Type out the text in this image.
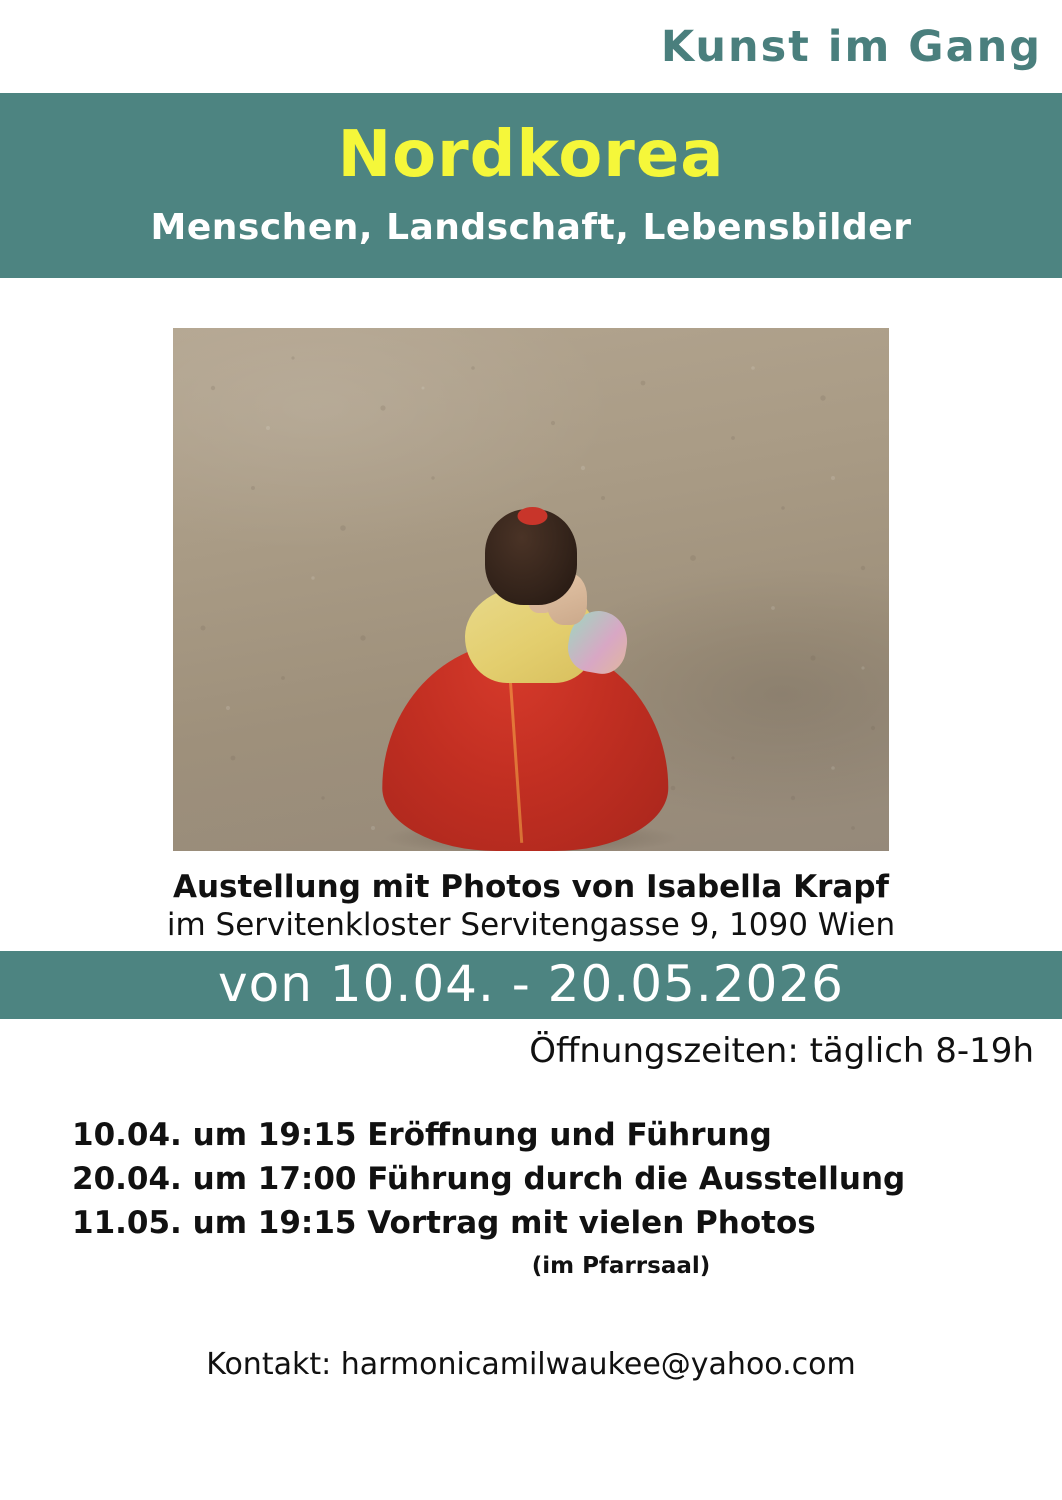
Kunst im Gang
Nordkorea
Menschen, Landschaft, Lebensbilder
Austellung mit Photos von Isabella Krapf
im Servitenkloster Servitengasse 9, 1090 Wien
von 10.04. - 20.05.2026
Öffnungszeiten: täglich 8-19h
10.04. um 19:15 Eröffnung und Führung
20.04. um 17:00 Führung durch die Ausstellung
11.05. um 19:15 Vortrag mit vielen Photos
(im Pfarrsaal)
Kontakt: harmonicamilwaukee@yahoo.com
